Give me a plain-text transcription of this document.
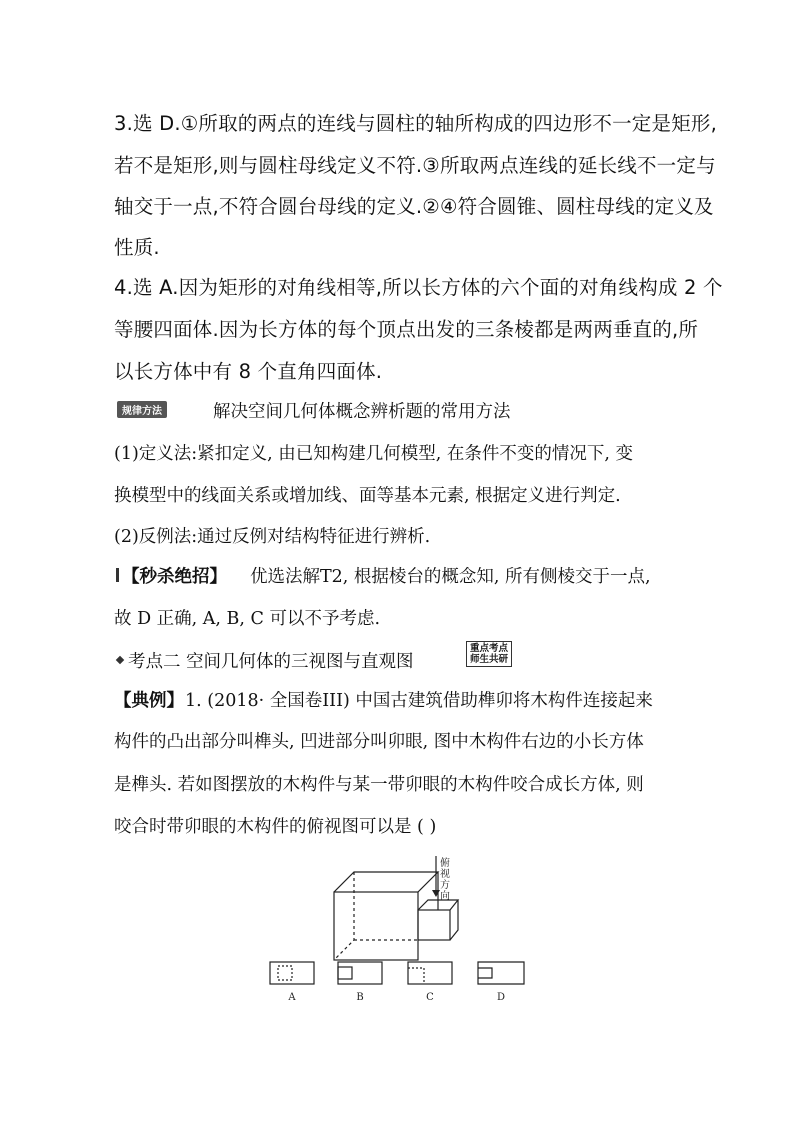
3.选 D.①所取的两点的连线与圆柱的轴所构成的四边形不一定是矩形,
若不是矩形,则与圆柱母线定义不符.③所取两点连线的延长线不一定与
轴交于一点,不符合圆台母线的定义.②④符合圆锥、圆柱母线的定义及
性质.
4.选 A.因为矩形的对角线相等,所以长方体的六个面的对角线构成 2 个
等腰四面体.因为长方体的每个顶点出发的三条棱都是两两垂直的,所
以长方体中有 8 个直角四面体.
规律方法	解决空间几何体概念辨析题的常用方法
(1)定义法:紧扣定义, 由已知构建几何模型, 在条件不变的情况下, 变
换模型中的线面关系或增加线、面等基本元素, 根据定义进行判定.
(2)反例法:通过反例对结构特征进行辨析.
【秒杀绝招】 优选法解T2, 根据棱台的概念知, 所有侧棱交于一点,
故 D 正确, A, B, C 可以不予考虑.
考点二 空间几何体的三视图与直观图
重点考点
师生共研
【典例】 1. (2018· 全国卷III) 中国古建筑借助榫卯将木构件连接起来
构件的凸出部分叫榫头, 凹进部分叫卯眼, 图中木构件右边的小长方体
是榫头. 若如图摆放的木构件与某一带卯眼的木构件咬合成长方体, 则
咬合时带卯眼的木构件的俯视图可以是 ( )
俯
视
方
向
A	B	C	D
